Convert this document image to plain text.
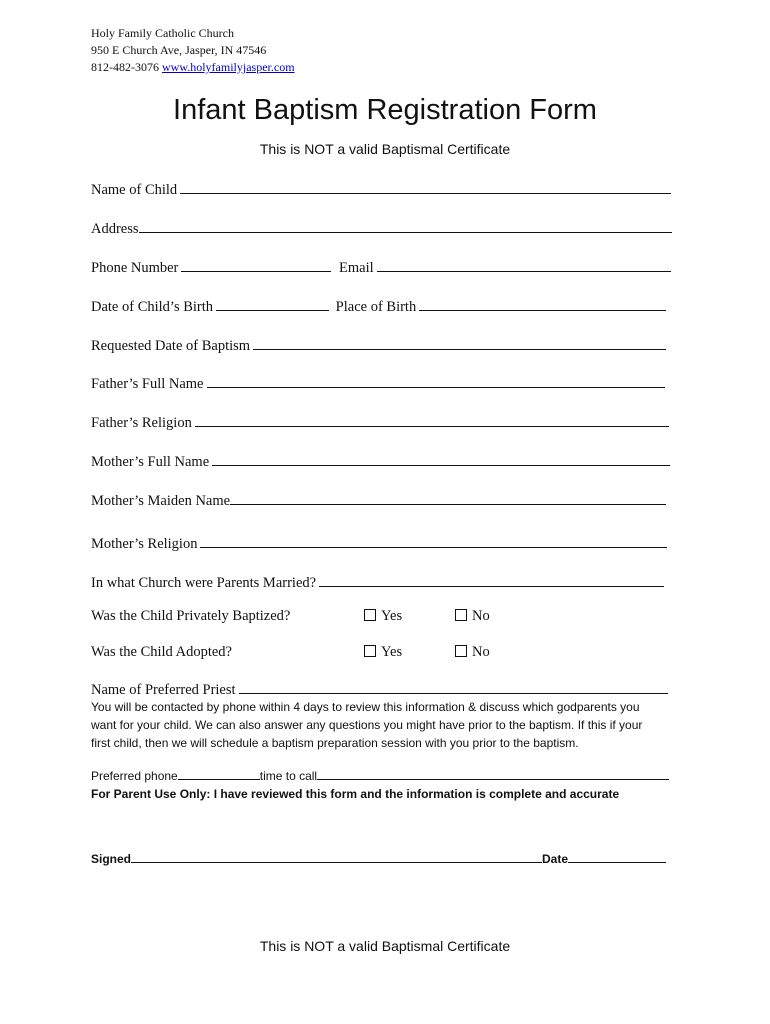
Holy Family Catholic Church
950 E Church Ave, Jasper, IN 47546
812-482-3076 www.holyfamilyjasper.com
Infant Baptism Registration Form
This is NOT a valid Baptismal Certificate
Name of Child
Address
Phone Number	Email
Date of Child’s Birth	Place of Birth
Requested Date of Baptism
Father’s Full Name
Father’s Religion
Mother’s Full Name
Mother’s Maiden Name
Mother’s Religion
In what Church were Parents Married?
Was the Child Privately Baptized?	Yes	No
Was the Child Adopted?	Yes	No
Name of Preferred Priest
You will be contacted by phone within 4 days to review this information & discuss which godparents you
want for your child. We can also answer any questions you might have prior to the baptism. If this if your
first child, then we will schedule a baptism preparation session with you prior to the baptism.
Preferred phone	time to call
For Parent Use Only: I have reviewed this form and the information is complete and accurate
Signed	Date
This is NOT a valid Baptismal Certificate
